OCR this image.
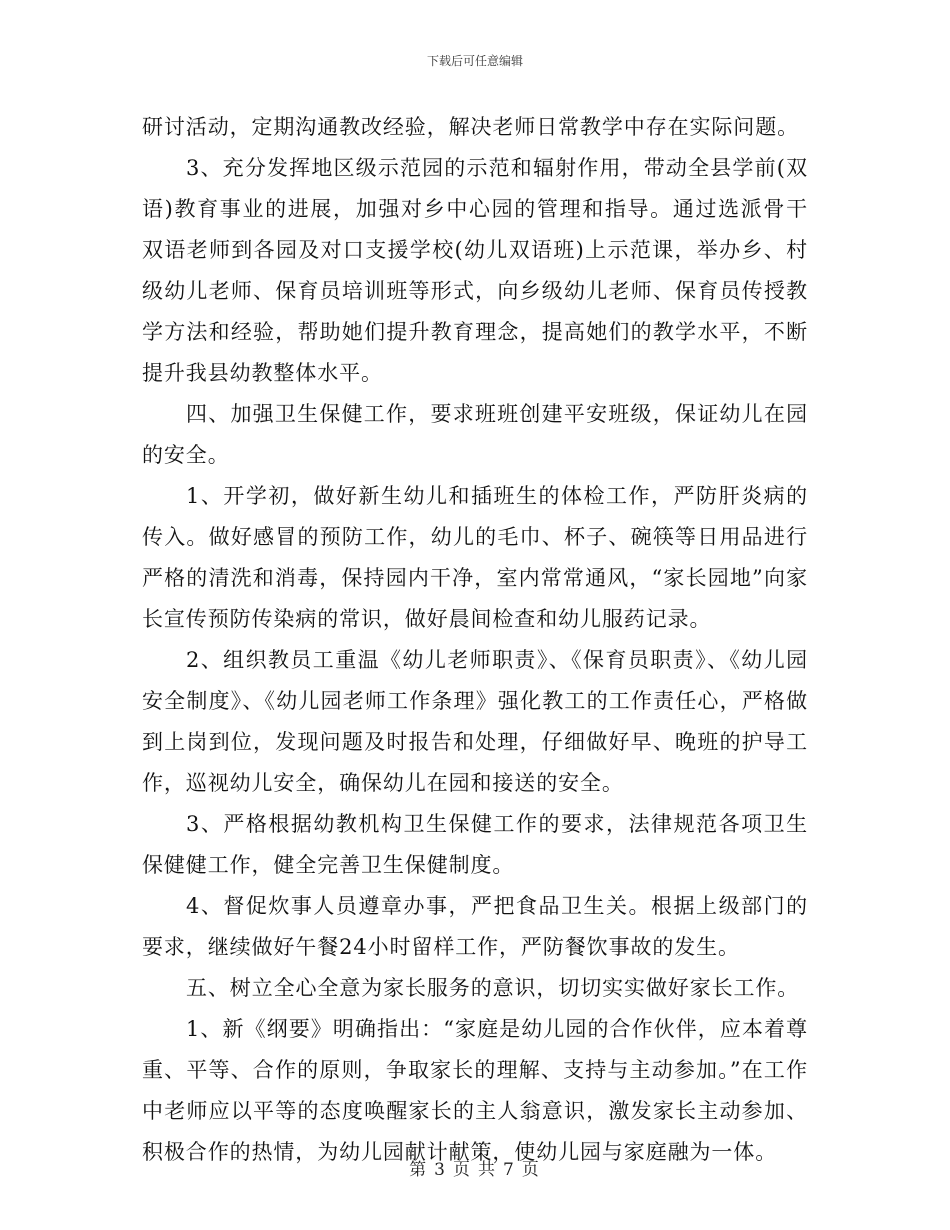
下载后可任意编辑

研讨活动，定期沟通教改经验，解决老师日常教学中存在实际问题。

3、充分发挥地区级示范园的示范和辐射作用，带动全县学前(双语)教育事业的进展，加强对乡中心园的管理和指导。通过选派骨干双语老师到各园及对口支援学校(幼儿双语班)上示范课，举办乡、村级幼儿老师、保育员培训班等形式，向乡级幼儿老师、保育员传授教学方法和经验，帮助她们提升教育理念，提高她们的教学水平，不断提升我县幼教整体水平。

四、加强卫生保健工作，要求班班创建平安班级，保证幼儿在园的安全。

1、开学初，做好新生幼儿和插班生的体检工作，严防肝炎病的传入。做好感冒的预防工作，幼儿的毛巾、杯子、碗筷等日用品进行严格的清洗和消毒，保持园内干净，室内常常通风，“家长园地”向家长宣传预防传染病的常识，做好晨间检查和幼儿服药记录。

2、组织教员工重温《幼儿老师职责》、《保育员职责》、《幼儿园安全制度》、《幼儿园老师工作条理》强化教工的工作责任心，严格做到上岗到位，发现问题及时报告和处理，仔细做好早、晚班的护导工作，巡视幼儿安全，确保幼儿在园和接送的安全。

3、严格根据幼教机构卫生保健工作的要求，法律规范各项卫生保健健工作，健全完善卫生保健制度。

4、督促炊事人员遵章办事，严把食品卫生关。根据上级部门的要求，继续做好午餐24小时留样工作，严防餐饮事故的发生。

五、树立全心全意为家长服务的意识，切切实实做好家长工作。

1、新《纲要》明确指出：“家庭是幼儿园的合作伙伴，应本着尊重、平等、合作的原则，争取家长的理解、支持与主动参加。”在工作中老师应以平等的态度唤醒家长的主人翁意识，激发家长主动参加、积极合作的热情，为幼儿园献计献策，使幼儿园与家庭融为一体。

第 3 页 共 7 页
